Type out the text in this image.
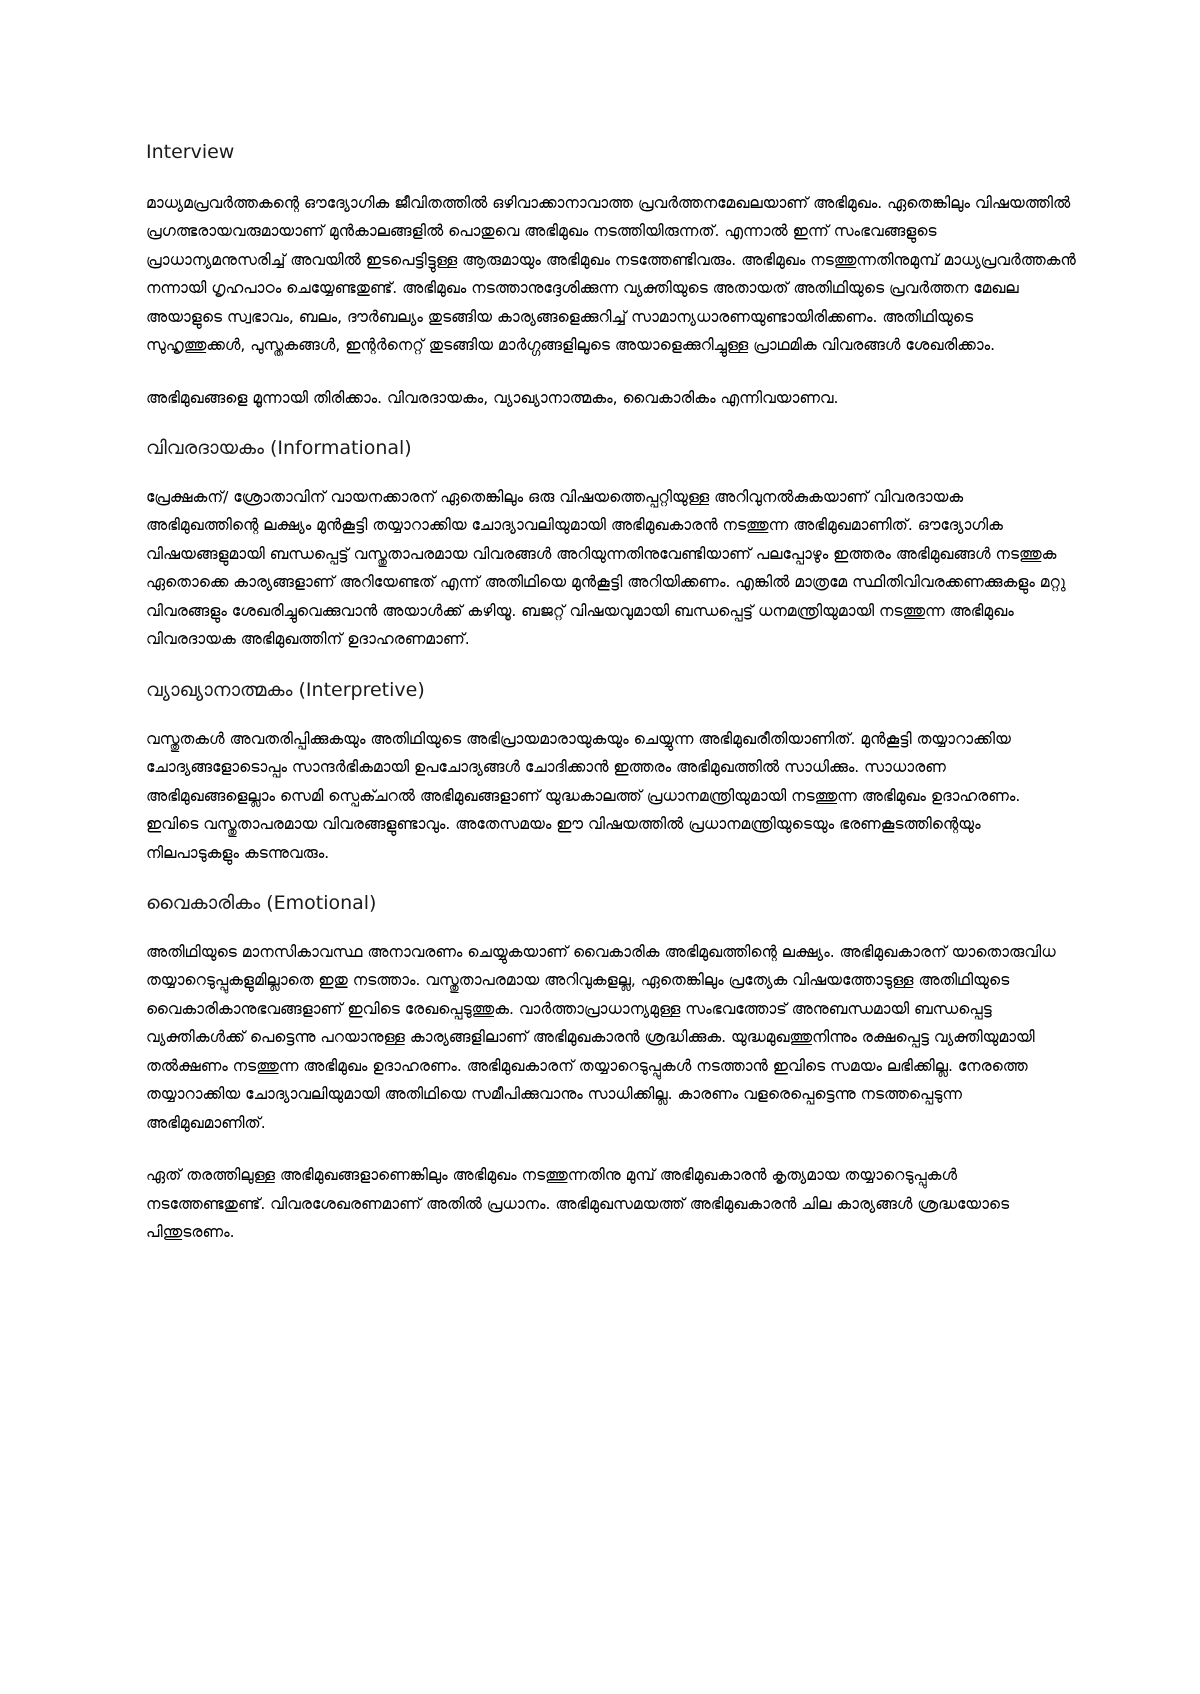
Interview

മാധ്യമപ്രവർത്തകന്റെ ഔദ്യോഗിക ജീവിതത്തിൽ ഒഴിവാക്കാനാവാത്ത പ്രവർത്തനമേഖലയാണ് അഭിമുഖം. ഏതെങ്കിലും വിഷയത്തിൽ പ്രഗത്ഭരായവരുമായാണ് മുൻകാലങ്ങളിൽ പൊതുവെ അഭിമുഖം നടത്തിയിരുന്നത്. എന്നാൽ ഇന്ന് സംഭവങ്ങളുടെ പ്രാധാന്യമനുസരിച്ച് അവയിൽ ഇടപെട്ടിട്ടുള്ള ആരുമായും അഭിമുഖം നടത്തേണ്ടിവരും. അഭിമുഖം നടത്തുന്നതിനുമുമ്പ് മാധ്യപ്രവർത്തകൻ നന്നായി ഗൃഹപാഠം ചെയ്യേണ്ടതുണ്ട്. അഭിമുഖം നടത്താനുദ്ദേശിക്കുന്ന വ്യക്തിയുടെ അതായത് അതിഥിയുടെ പ്രവർത്തന മേഖല അയാളുടെ സ്വഭാവം, ബലം, ദൗർബല്യം തുടങ്ങിയ കാര്യങ്ങളെക്കുറിച്ച് സാമാന്യധാരണയുണ്ടായിരിക്കണം. അതിഥിയുടെ സുഹൃത്തുക്കൾ, പുസ്തകങ്ങൾ, ഇന്റർനെറ്റ് തുടങ്ങിയ മാർഗ്ഗങ്ങളിലൂടെ അയാളെക്കുറിച്ചുള്ള പ്രാഥമിക വിവരങ്ങൾ ശേഖരിക്കാം.

അഭിമുഖങ്ങളെ മൂന്നായി തിരിക്കാം. വിവരദായകം, വ്യാഖ്യാനാത്മകം, വൈകാരികം എന്നിവയാണവ.

വിവരദായകം (Informational)

പ്രേക്ഷകന്/ ശ്രോതാവിന് വായനക്കാരന് ഏതെങ്കിലും ഒരു വിഷയത്തെപ്പറ്റിയുള്ള അറിവുനൽകുകയാണ് വിവരദായക അഭിമുഖത്തിന്റെ ലക്ഷ്യം മുൻകൂട്ടി തയ്യാറാക്കിയ ചോദ്യാവലിയുമായി അഭിമുഖകാരൻ നടത്തുന്ന അഭിമുഖമാണിത്. ഔദ്യോഗിക വിഷയങ്ങളുമായി ബന്ധപ്പെട്ട് വസ്തുതാപരമായ വിവരങ്ങൾ അറിയുന്നതിനുവേണ്ടിയാണ് പലപ്പോഴും ഇത്തരം അഭിമുഖങ്ങൾ നടത്തുക ഏതൊക്കെ കാര്യങ്ങളാണ് അറിയേണ്ടത് എന്ന് അതിഥിയെ മുൻകൂട്ടി അറിയിക്കണം. എങ്കിൽ മാത്രമേ സ്ഥിതിവിവരക്കണക്കുകളും മറ്റു വിവരങ്ങളും ശേഖരിച്ചുവെക്കുവാൻ അയാൾക്ക് കഴിയൂ. ബജറ്റ് വിഷയവുമായി ബന്ധപ്പെട്ട് ധനമന്ത്രിയുമായി നടത്തുന്ന അഭിമുഖം വിവരദായക അഭിമുഖത്തിന് ഉദാഹരണമാണ്.

വ്യാഖ്യാനാത്മകം (Interpretive)

വസ്തുതകൾ അവതരിപ്പിക്കുകയും അതിഥിയുടെ അഭിപ്രായമാരായുകയും ചെയ്യുന്ന അഭിമുഖരീതിയാണിത്. മുൻകൂട്ടി തയ്യാറാക്കിയ ചോദ്യങ്ങളോടൊപ്പം സാന്ദർഭികമായി ഉപചോദ്യങ്ങൾ ചോദിക്കാൻ ഇത്തരം അഭിമുഖത്തിൽ സാധിക്കും. സാധാരണ അഭിമുഖങ്ങളെല്ലാം സെമി സ്പെക്ചറൽ അഭിമുഖങ്ങളാണ് യുദ്ധകാലത്ത് പ്രധാനമന്ത്രിയുമായി നടത്തുന്ന അഭിമുഖം ഉദാഹരണം. ഇവിടെ വസ്തുതാപരമായ വിവരങ്ങളുണ്ടാവും. അതേസമയം ഈ വിഷയത്തിൽ പ്രധാനമന്ത്രിയുടെയും ഭരണകൂടത്തിന്റെയും നിലപാടുകളും കടന്നുവരും.

വൈകാരികം (Emotional)

അതിഥിയുടെ മാനസികാവസ്ഥ അനാവരണം ചെയ്യുകയാണ് വൈകാരിക അഭിമുഖത്തിന്റെ ലക്ഷ്യം. അഭിമുഖകാരന് യാതൊരുവിധ തയ്യാറെടുപ്പുകളുമില്ലാതെ ഇതു നടത്താം. വസ്തുതാപരമായ അറിവുകളല്ല, ഏതെങ്കിലും പ്രത്യേക വിഷയത്തോടുള്ള അതിഥിയുടെ വൈകാരികാനുഭവങ്ങളാണ് ഇവിടെ രേഖപ്പെടുത്തുക. വാർത്താപ്രാധാന്യമുള്ള സംഭവത്തോട് അനുബന്ധമായി ബന്ധപ്പെട്ട വ്യക്തികൾക്ക് പെട്ടെന്നു പറയാനുള്ള കാര്യങ്ങളിലാണ് അഭിമുഖകാരൻ ശ്രദ്ധിക്കുക. യുദ്ധമുഖത്തുനിന്നും രക്ഷപ്പെട്ട വ്യക്തിയുമായി തൽക്ഷണം നടത്തുന്ന അഭിമുഖം ഉദാഹരണം. അഭിമുഖകാരന് തയ്യാറെടുപ്പുകൾ നടത്താൻ ഇവിടെ സമയം ലഭിക്കില്ല. നേരത്തെ തയ്യാറാക്കിയ ചോദ്യാവലിയുമായി അതിഥിയെ സമീപിക്കുവാനും സാധിക്കില്ല. കാരണം വളരെപ്പെട്ടെന്നു നടത്തപ്പെടുന്ന അഭിമുഖമാണിത്.

ഏത് തരത്തിലുള്ള അഭിമുഖങ്ങളാണെങ്കിലും അഭിമുഖം നടത്തുന്നതിനു മുമ്പ് അഭിമുഖകാരൻ കൃത്യമായ തയ്യാറെടുപ്പുകൾ നടത്തേണ്ടതുണ്ട്. വിവരശേഖരണമാണ് അതിൽ പ്രധാനം. അഭിമുഖസമയത്ത് അഭിമുഖകാരൻ ചില കാര്യങ്ങൾ ശ്രദ്ധയോടെ പിന്തുടരണം.
